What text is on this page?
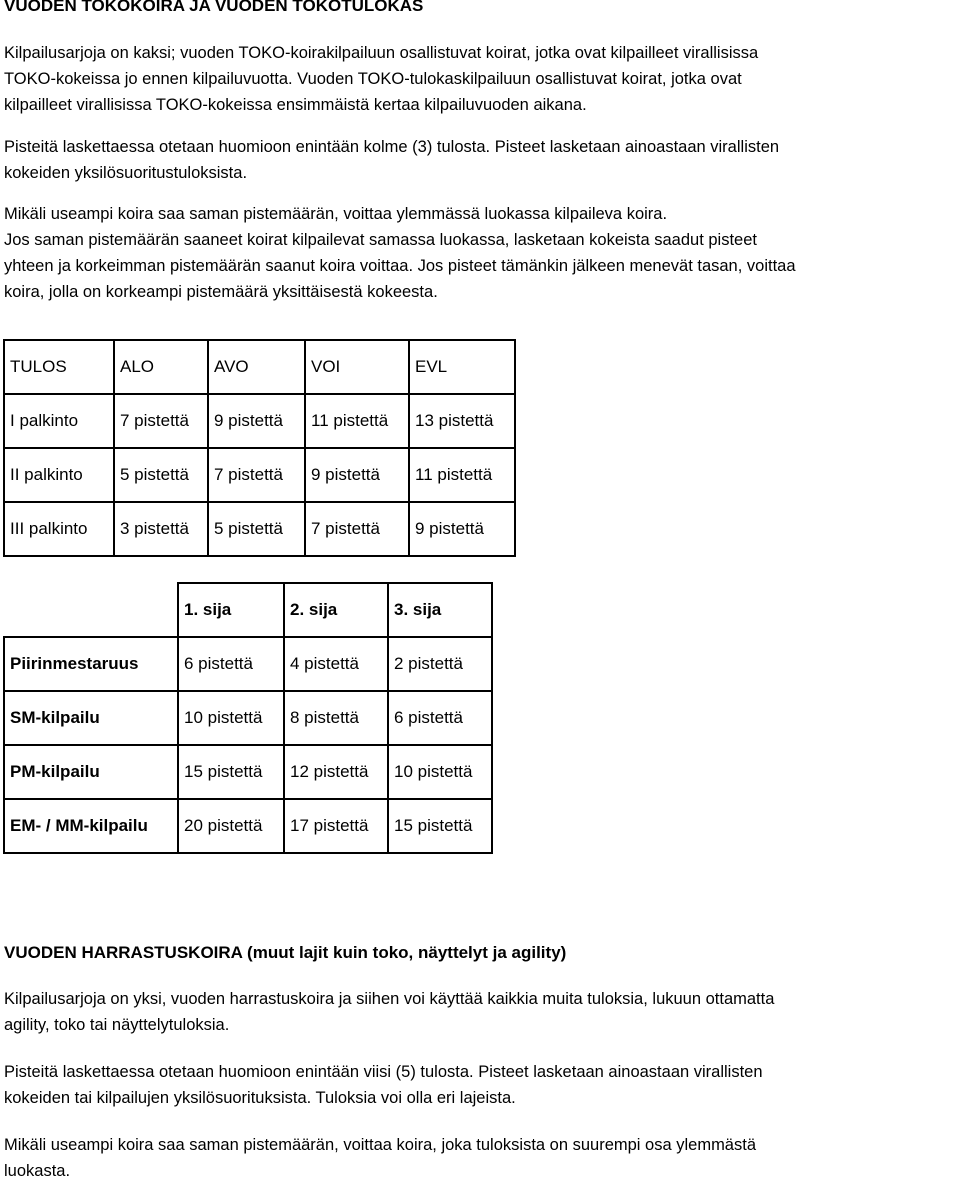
VUODEN TOKOKOIRA JA VUODEN TOKOTULOKAS

Kilpailusarjoja on kaksi; vuoden TOKO-koirakilpailuun osallistuvat koirat, jotka ovat kilpailleet virallisissa
TOKO-kokeissa jo ennen kilpailuvuotta. Vuoden TOKO-tulokaskilpailuun osallistuvat koirat, jotka ovat
kilpailleet virallisissa TOKO-kokeissa ensimmäistä kertaa kilpailuvuoden aikana.

Pisteitä laskettaessa otetaan huomioon enintään kolme (3) tulosta. Pisteet lasketaan ainoastaan virallisten
kokeiden yksilösuoritustuloksista.

Mikäli useampi koira saa saman pistemäärän, voittaa ylemmässä luokassa kilpaileva koira.
Jos saman pistemäärän saaneet koirat kilpailevat samassa luokassa, lasketaan kokeista saadut pisteet
yhteen ja korkeimman pistemäärän saanut koira voittaa. Jos pisteet tämänkin jälkeen menevät tasan, voittaa
koira, jolla on korkeampi pistemäärä yksittäisestä kokeesta.

TULOS	ALO	AVO	VOI	EVL
I palkinto	7 pistettä	9 pistettä	11 pistettä	13 pistettä
II palkinto	5 pistettä	7 pistettä	9 pistettä	11 pistettä
III palkinto	3 pistettä	5 pistettä	7 pistettä	9 pistettä
	1. sija	2. sija	3. sija
Piirinmestaruus	6 pistettä	4 pistettä	2 pistettä
SM-kilpailu	10 pistettä	8 pistettä	6 pistettä
PM-kilpailu	15 pistettä	12 pistettä	10 pistettä
EM- / MM-kilpailu	20 pistettä	17 pistettä	15 pistettä
VUODEN HARRASTUSKOIRA (muut lajit kuin toko, näyttelyt ja agility)

Kilpailusarjoja on yksi, vuoden harrastuskoira ja siihen voi käyttää kaikkia muita tuloksia, lukuun ottamatta
agility, toko tai näyttelytuloksia.

Pisteitä laskettaessa otetaan huomioon enintään viisi (5) tulosta. Pisteet lasketaan ainoastaan virallisten
kokeiden tai kilpailujen yksilösuorituksista. Tuloksia voi olla eri lajeista.

Mikäli useampi koira saa saman pistemäärän, voittaa koira, joka tuloksista on suurempi osa ylemmästä
luokasta.
